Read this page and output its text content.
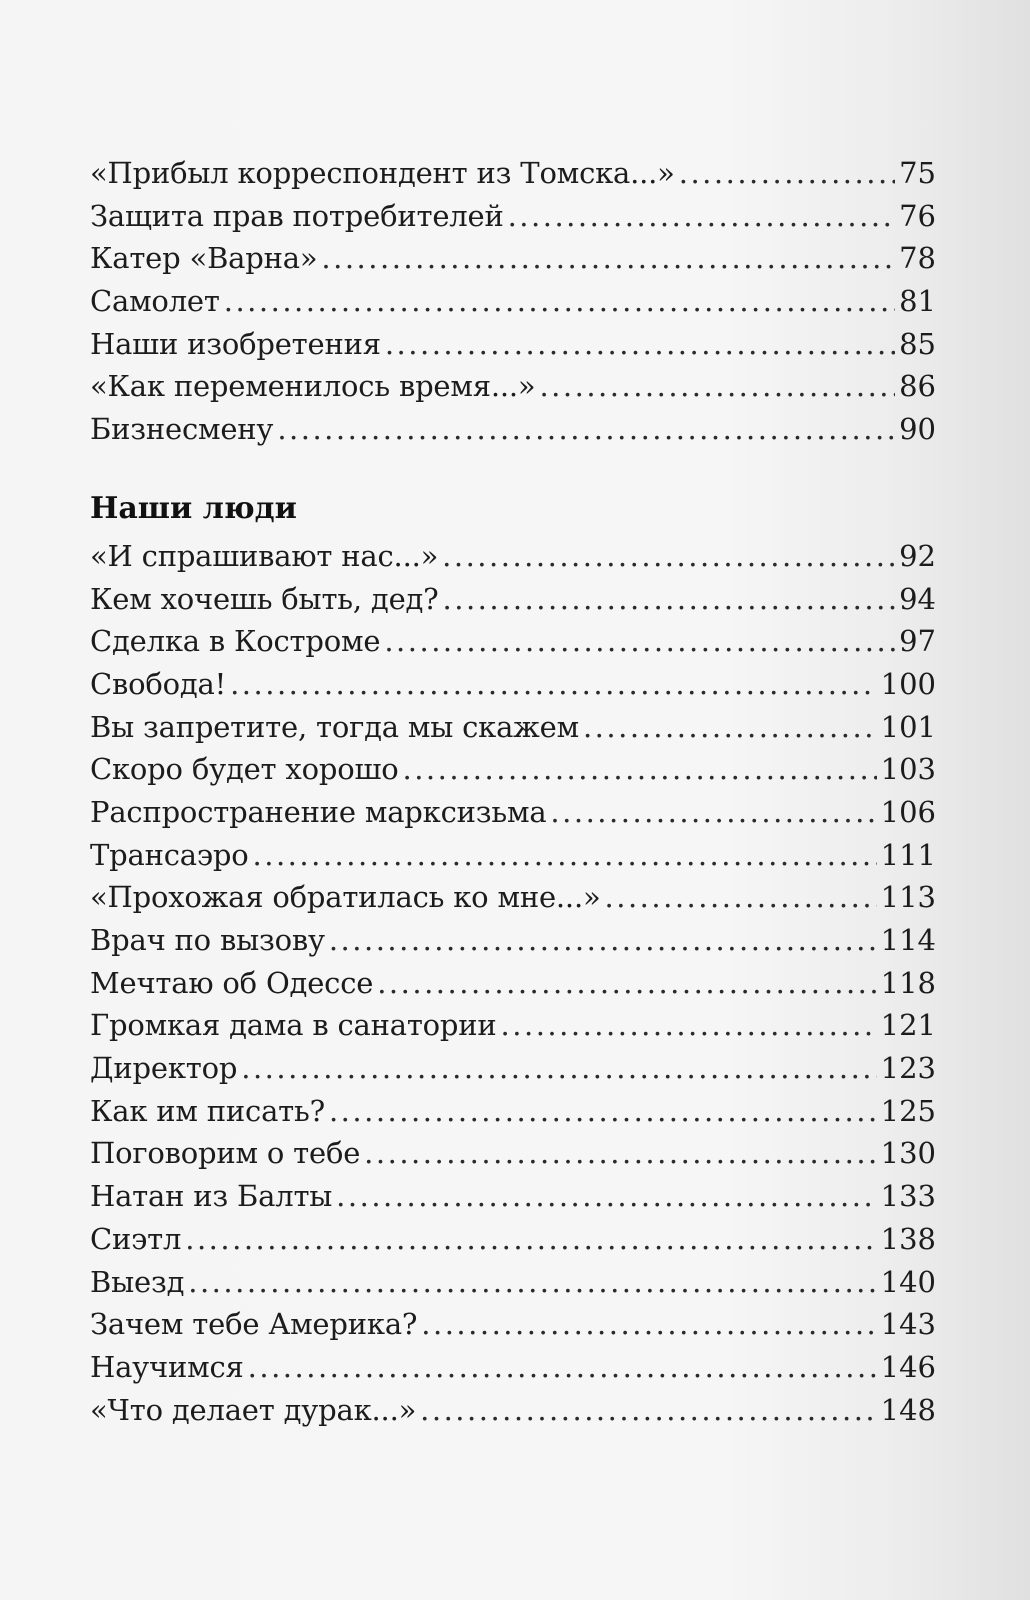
«Прибыл корреспондент из Томска...» .....	75
Защита прав потребителей .....	76
Катер «Варна» .....	78
Самолет .....	81
Наши изобретения .....	85
«Как переменилось время...» .....	86
Бизнесмену .....	90
Наши люди
«И спрашивают нас...» .....	92
Кем хочешь быть, дед? .....	94
Сделка в Костроме .....	97
Свобода! .....	100
Вы запретите, тогда мы скажем .....	101
Скоро будет хорошо .....	103
Распространение марксизьма .....	106
Трансаэро .....	111
«Прохожая обратилась ко мне...» .....	113
Врач по вызову .....	114
Мечтаю об Одессе .....	118
Громкая дама в санатории .....	121
Директор .....	123
Как им писать? .....	125
Поговорим о тебе .....	130
Натан из Балты .....	133
Сиэтл .....	138
Выезд .....	140
Зачем тебе Америка? .....	143
Научимся .....	146
«Что делает дурак...» .....	148
